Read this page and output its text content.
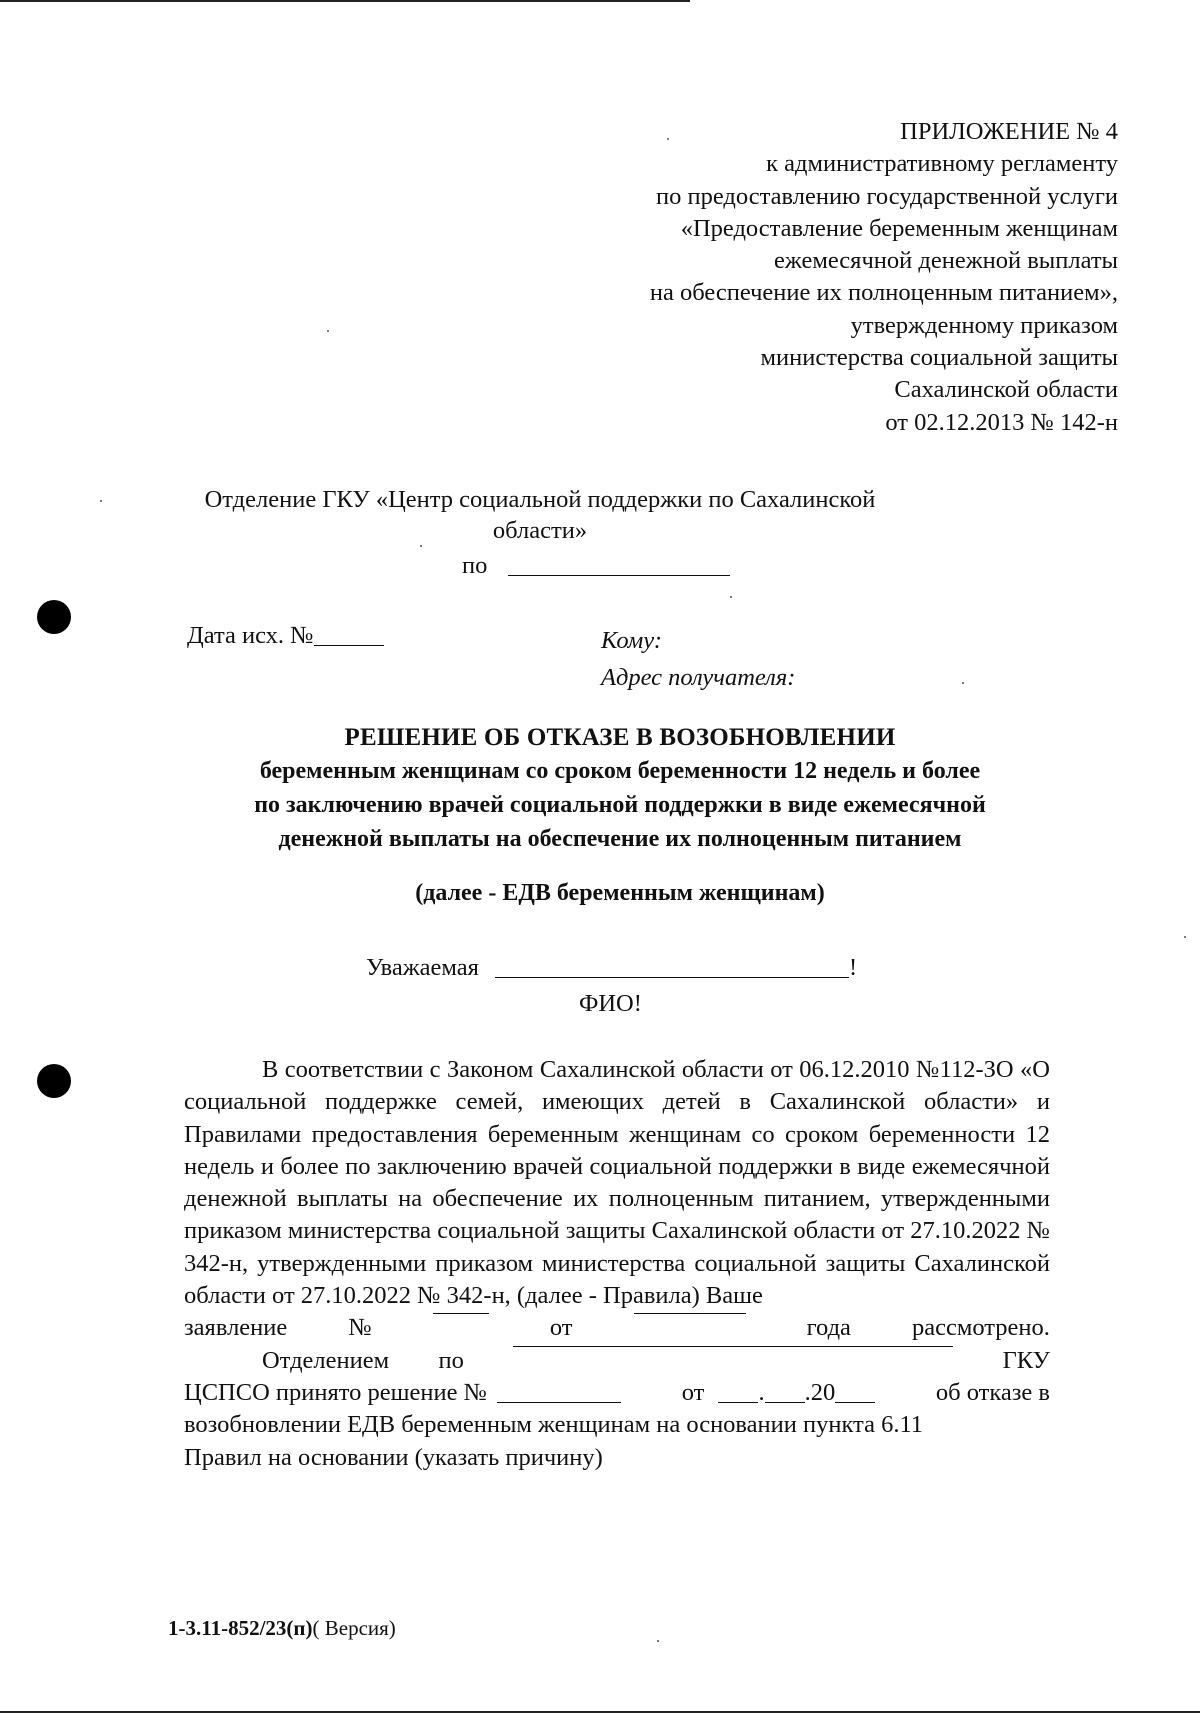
ПРИЛОЖЕНИЕ № 4
к административному регламенту
по предоставлению государственной услуги
«Предоставление беременным женщинам
ежемесячной денежной выплаты
на обеспечение их полноценным питанием»,
утвержденному приказом
министерства социальной защиты
Сахалинской области
от 02.12.2013 № 142-н
Отделение ГКУ «Центр социальной поддержки по Сахалинской
области»
по
Дата исх. №	Кому:
Адрес получателя:
РЕШЕНИЕ ОБ ОТКАЗЕ В ВОЗОБНОВЛЕНИИ
беременным женщинам со сроком беременности 12 недель и более
по заключению врачей социальной поддержки в виде ежемесячной
денежной выплаты на обеспечение их полноценным питанием
(далее - ЕДВ беременным женщинам)
Уважаемая	!
ФИО!
В соответствии с Законом Сахалинской области от 06.12.2010 №112-ЗО «О социальной поддержке семей, имеющих детей в Сахалинской области» и Правилами предоставления беременным женщинам со сроком беременности 12 недель и более по заключению врачей социальной поддержки в виде ежемесячной денежной выплаты на обеспечение их полноценным питанием, утвержденными приказом министерства социальной защиты Сахалинской области от 27.10.2022 № 342-н, утвержденными приказом министерства социальной защиты Сахалинской области от 27.10.2022 № 342-н, (далее - Правила) Ваше
заявление №	от	года рассмотрено.
Отделением по	ГКУ
ЦСПСО принято решение №	от . .20	об отказе в
возобновлении ЕДВ беременным женщинам на основании пункта 6.11
Правил на основании (указать причину)
1-3.11-852/23(п)( Версия)
